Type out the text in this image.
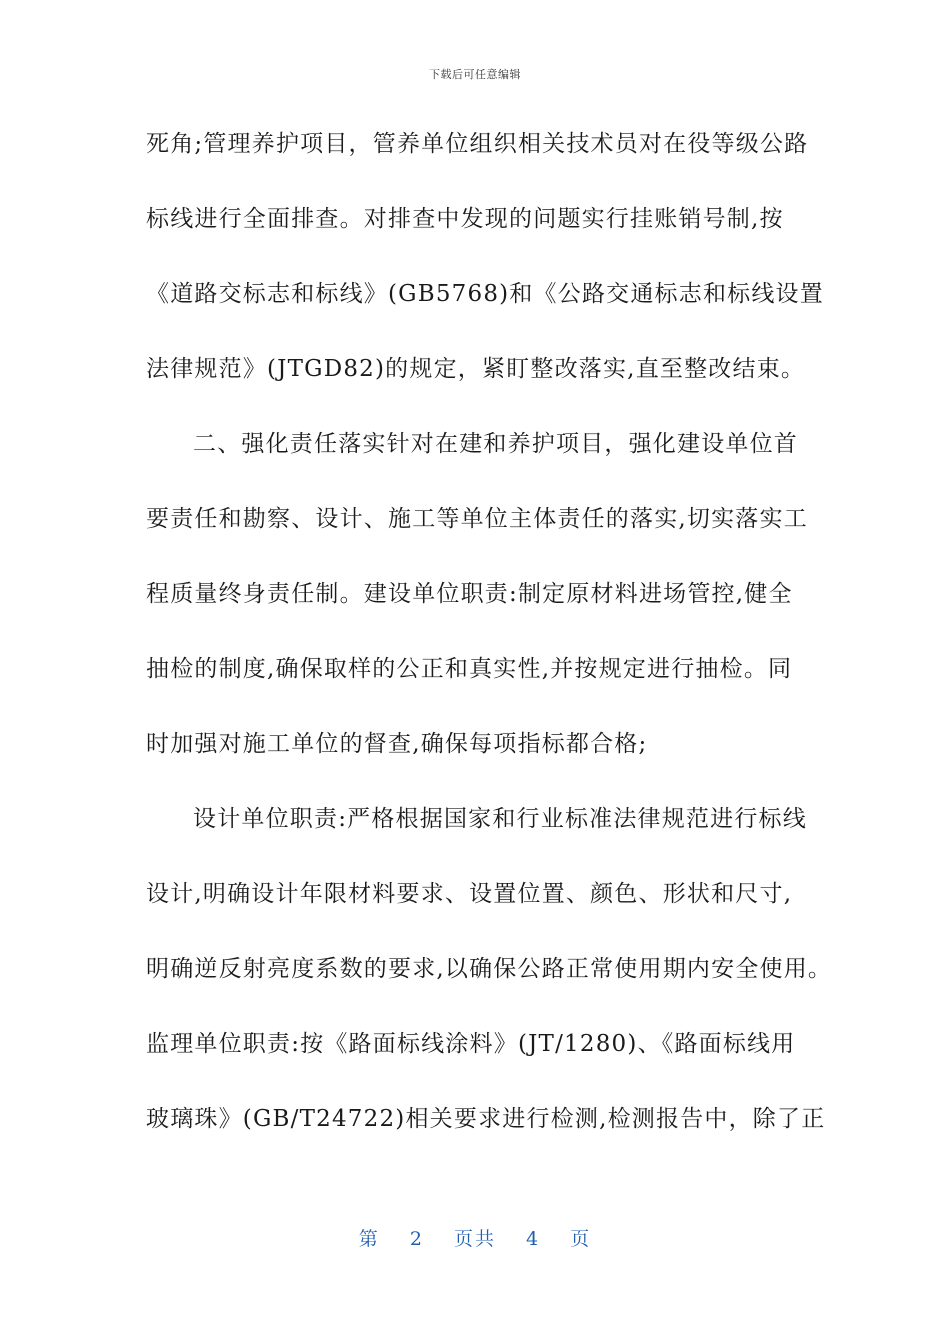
下载后可任意编辑
死角;管理养护项目，管养单位组织相关技术员对在役等级公路
标线进行全面排查。对排查中发现的问题实行挂账销号制,按
《道路交标志和标线》(GB5768)和《公路交通标志和标线设置
法律规范》(JTGD82)的规定，紧盯整改落实,直至整改结束。
二、强化责任落实针对在建和养护项目，强化建设单位首
要责任和勘察、设计、施工等单位主体责任的落实,切实落实工
程质量终身责任制。建设单位职责:制定原材料进场管控,健全
抽检的制度,确保取样的公正和真实性,并按规定进行抽检。同
时加强对施工单位的督查,确保每项指标都合格;
设计单位职责:严格根据国家和行业标准法律规范进行标线
设计,明确设计年限材料要求、设置位置、颜色、形状和尺寸,
明确逆反射亮度系数的要求,以确保公路正常使用期内安全使用。
监理单位职责:按《路面标线涂料》(JT/1280)、《路面标线用
玻璃珠》(GB/T24722)相关要求进行检测,检测报告中，除了正
第 2 页共 4 页
